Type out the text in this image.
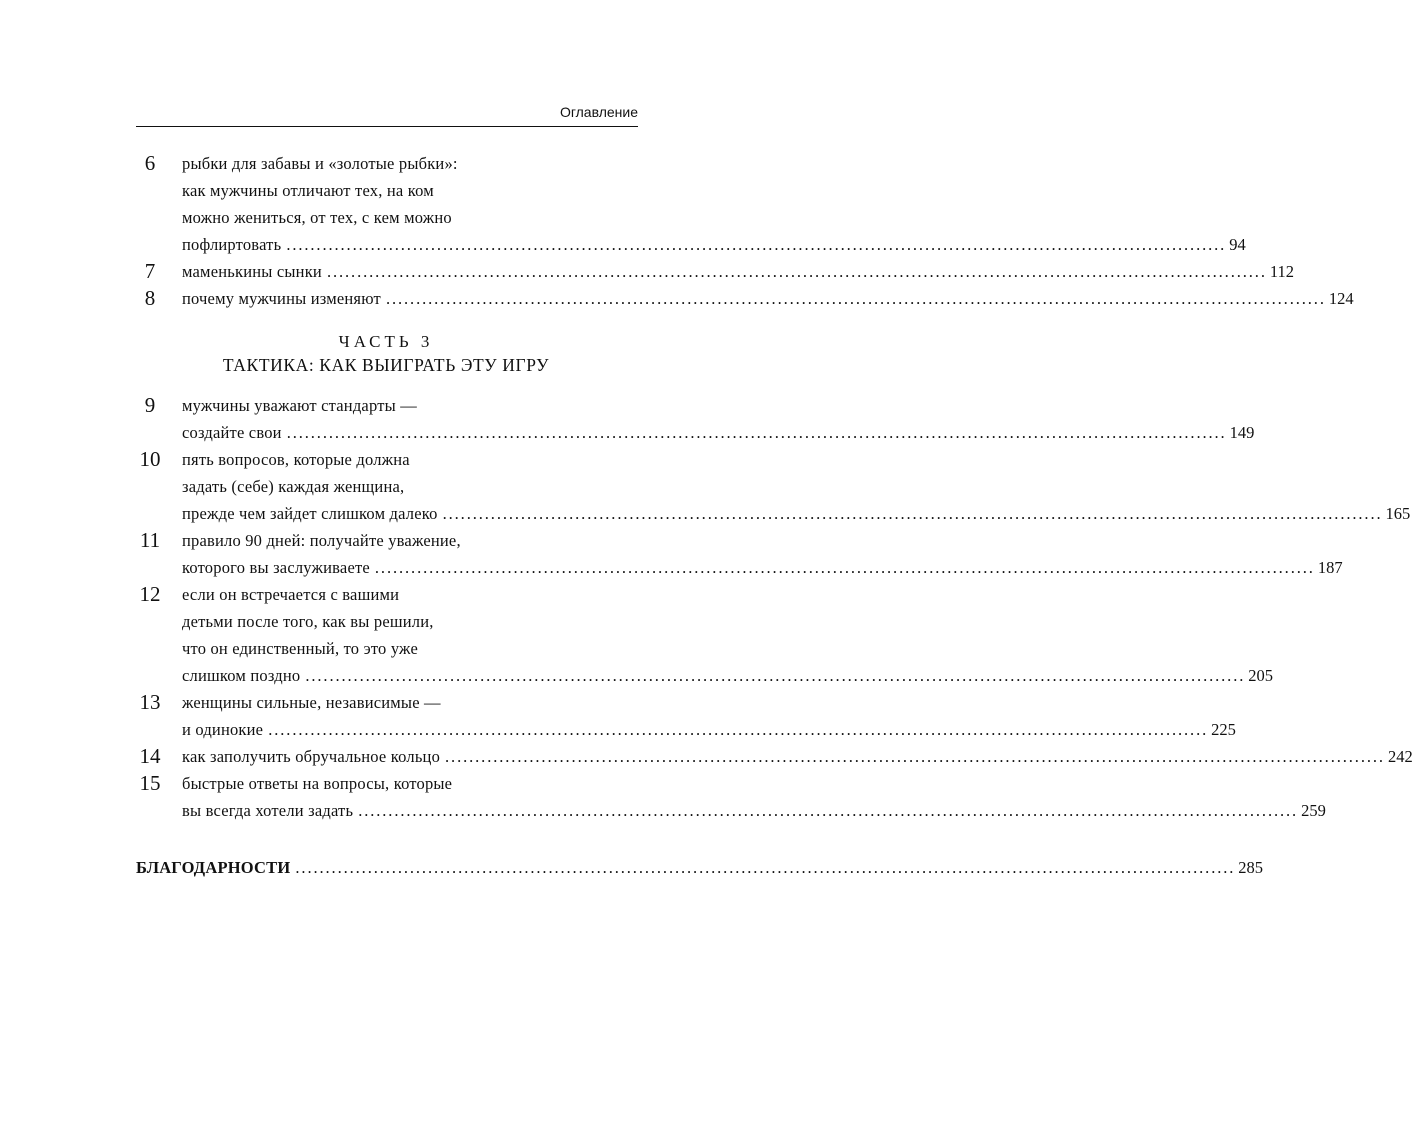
Оглавление
6	рыбки для забавы и «золотые рыбки»:
как мужчины отличают тех, на ком
можно жениться, от тех, с кем можно
пофлиртовать .....	94
7	маменькины сынки .....	112
8	почему мужчины изменяют .....	124
ЧАСТЬ 3
ТАКТИКА: КАК ВЫИГРАТЬ ЭТУ ИГРУ
9	мужчины уважают стандарты —
создайте свои .....	149
10 пять вопросов, которые должна
задать (себе) каждая женщина,
прежде чем зайдет слишком далеко .....	165
11 правило 90 дней: получайте уважение,
которого вы заслуживаете .....	187
12 если он встречается с вашими
детьми после того, как вы решили,
что он единственный, то это уже
слишком поздно .....	205
13 женщины сильные, независимые —
и одинокие .....	225
14 как заполучить обручальное кольцо .....	242
15 быстрые ответы на вопросы, которые
вы всегда хотели задать .....	259
БЛАГОДАРНОСТИ .....	285
